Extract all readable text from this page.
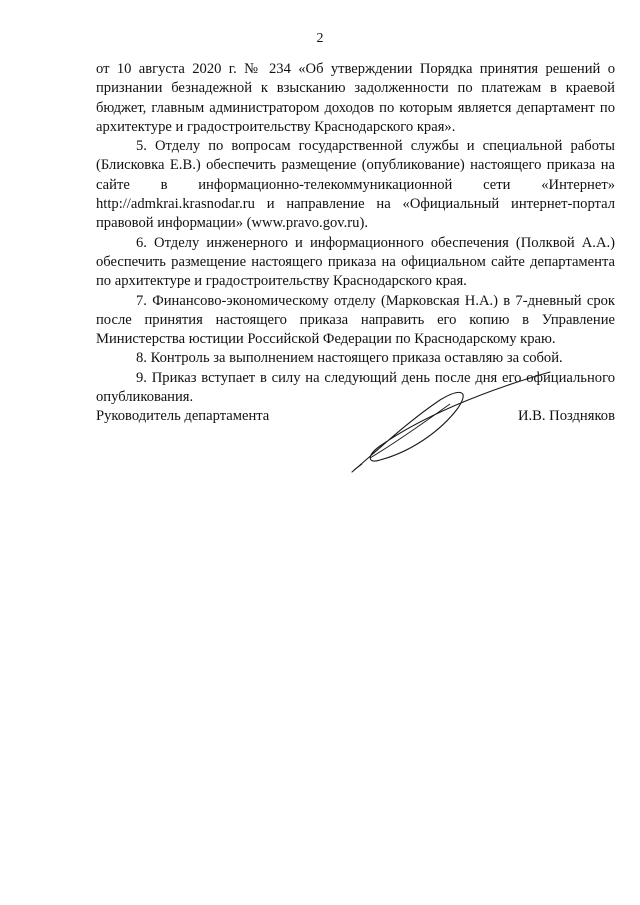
2

от 10 августа 2020 г. № 234 «Об утверждении Порядка принятия решений о признании безнадежной к взысканию задолженности по платежам в краевой бюджет, главным администратором доходов по которым является департамент по архитектуре и градостроительству Краснодарского края».

5. Отделу по вопросам государственной службы и специальной работы (Блисковка Е.В.) обеспечить размещение (опубликование) настоящего приказа на сайте в информационно-телекоммуникационной сети «Интернет» http://admkrai.krasnodar.ru и направление на «Официальный интернет-портал правовой информации» (www.pravo.gov.ru).

6. Отделу инженерного и информационного обеспечения (Полквой А.А.) обеспечить размещение настоящего приказа на официальном сайте департамента по архитектуре и градостроительству Краснодарского края.

7. Финансово-экономическому отделу (Марковская Н.А.) в 7-дневный срок после принятия настоящего приказа направить его копию в Управление Министерства юстиции Российской Федерации по Краснодарскому краю.

8. Контроль за выполнением настоящего приказа оставляю за собой.

9. Приказ вступает в силу на следующий день после дня его официального опубликования.

Руководитель департамента	И.В. Поздняков
